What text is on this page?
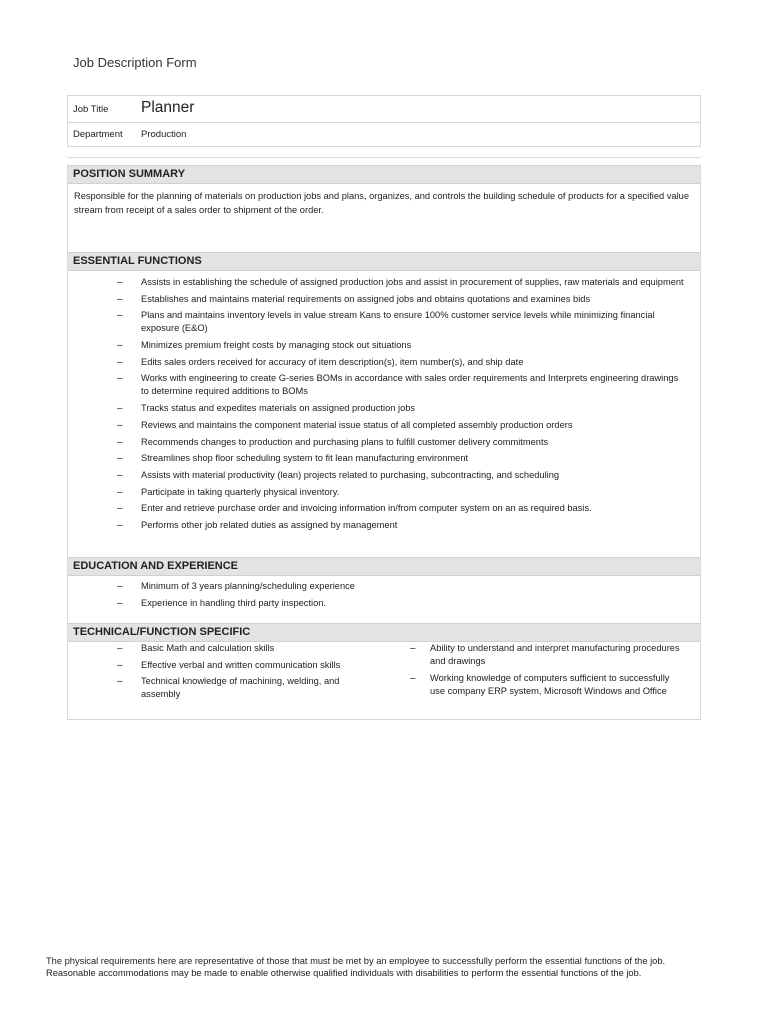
Job Description Form
Job Title Planner
Department Production
POSITION SUMMARY
Responsible for the planning of materials on production jobs and plans, organizes, and controls the building schedule of products for a specified value stream from receipt of a sales order to shipment of the order.
ESSENTIAL FUNCTIONS
– Assists in establishing the schedule of assigned production jobs and assist in procurement of supplies, raw materials and equipment
– Establishes and maintains material requirements on assigned jobs and obtains quotations and examines bids
– Plans and maintains inventory levels in value stream Kans to ensure 100% customer service levels while minimizing financial exposure (E&O)
– Minimizes premium freight costs by managing stock out situations
– Edits sales orders received for accuracy of item description(s), item number(s), and ship date
– Works with engineering to create G-series BOMs in accordance with sales order requirements and Interprets engineering drawings to determine required additions to BOMs
– Tracks status and expedites materials on assigned production jobs
– Reviews and maintains the component material issue status of all completed assembly production orders
– Recommends changes to production and purchasing plans to fulfill customer delivery commitments
– Streamlines shop floor scheduling system to fit lean manufacturing environment
– Assists with material productivity (lean) projects related to purchasing, subcontracting, and scheduling
– Participate in taking quarterly physical inventory.
– Enter and retrieve purchase order and invoicing information in/from computer system on an as required basis.
– Performs other job related duties as assigned by management
EDUCATION AND EXPERIENCE
– Minimum of 3 years planning/scheduling experience
– Experience in handling third party inspection.
TECHNICAL/FUNCTION SPECIFIC
– Basic Math and calculation skills
– Effective verbal and written communication skills
– Technical knowledge of machining, welding, and assembly
– Ability to understand and interpret manufacturing procedures and drawings
– Working knowledge of computers sufficient to successfully use company ERP system, Microsoft Windows and Office
The physical requirements here are representative of those that must be met by an employee to successfully perform the essential functions of the job.
Reasonable accommodations may be made to enable otherwise qualified individuals with disabilities to perform the essential functions of the job.
